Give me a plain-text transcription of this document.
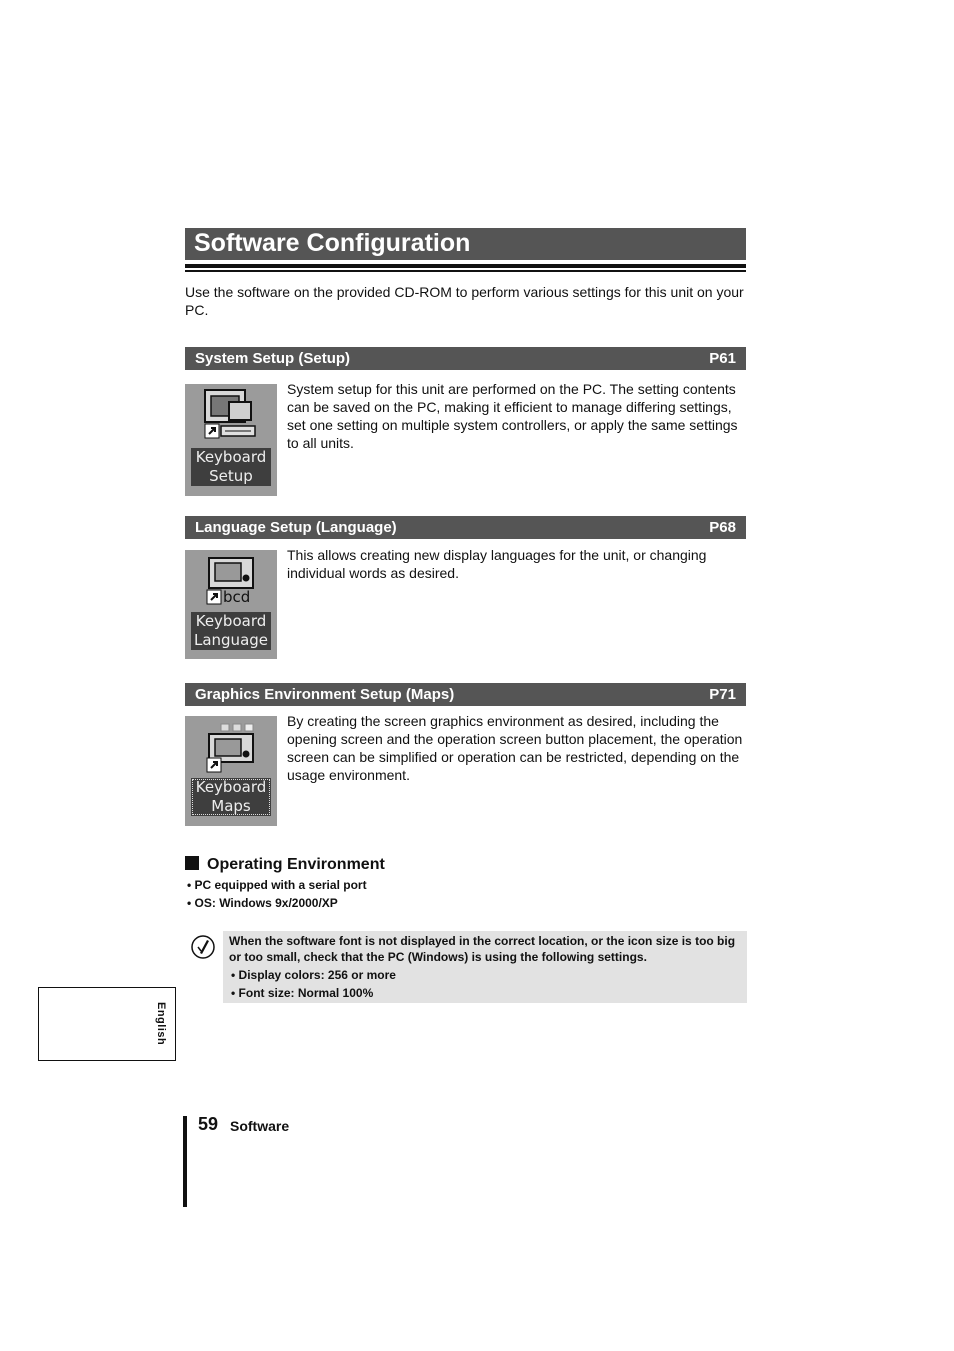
Software Configuration
Use the software on the provided CD-ROM to perform various settings for this unit on your PC.
System Setup (Setup)	P61
Keyboard
Setup
System setup for this unit are performed on the PC. The setting contents can be saved on the PC, making it efficient to manage differing settings, set one setting on multiple system controllers, or apply the same settings to all units.
Language Setup (Language)	P68
bcd
Keyboard
Language
This allows creating new display languages for the unit, or changing individual words as desired.
Graphics Environment Setup (Maps)	P71
Keyboard
Maps
By creating the screen graphics environment as desired, including the opening screen and the operation screen button placement, the operation screen can be simplified or operation can be restricted, depending on the usage environment.
Operating Environment
• PC equipped with a serial port
• OS: Windows 9x/2000/XP
When the software font is not displayed in the correct location, or the icon size is too big or too small, check that the PC (Windows) is using the following settings.
• Display colors: 256 or more
• Font size: Normal 100%
English
59 Software
